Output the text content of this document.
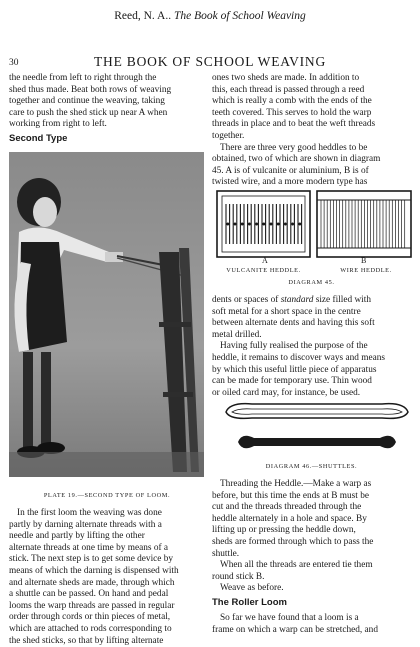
Reed, N. A.. The Book of School Weaving
30	THE BOOK OF SCHOOL WEAVING

the needle from left to right through the

shed thus made. Beat both rows of weaving

together and continue the weaving, taking

care to push the shed stick up near A when

working from right to left.

Second Type
PLATE 19.—SECOND TYPE OF LOOM.

In the first loom the weaving was done

partly by darning alternate threads with a

needle and partly by lifting the other

alternate threads at one time by means of a

stick. The next step is to get some device by

means of which the darning is dispensed with

and alternate sheds are made, through which

a shuttle can be passed. On hand and pedal

looms the warp threads are passed in regular

order through cords or thin pieces of metal,

which are attached to rods corresponding to

the shed sticks, so that by lifting alternate

ones two sheds are made. In addition to

this, each thread is passed through a reed

which is really a comb with the ends of the

teeth covered. This serves to hold the warp

threads in place and to beat the weft threads

together.

There are three very good heddles to be

obtained, two of which are shown in diagram

45. A is of vulcanite or aluminium, B is of

twisted wire, and a more modern type has

A	B
VULCANITE HEDDLE.	WIRE HEDDLE.
DIAGRAM 45.

dents or spaces of standard size filled with

soft metal for a short space in the centre

between alternate dents and having this soft

metal drilled.

Having fully realised the purpose of the

heddle, it remains to discover ways and means

by which this useful little piece of apparatus

can be made for temporary use. Thin wood

or oiled card may, for instance, be used.

DIAGRAM 46.—SHUTTLES.

Threading the Heddle.—Make a warp as

before, but this time the ends at B must be

cut and the threads threaded through the

heddle alternately in a hole and space. By

lifting up or pressing the heddle down,

sheds are formed through which to pass the

shuttle.

When all the threads are entered tie them

round stick B.

Weave as before.

The Roller Loom

So far we have found that a loom is a

frame on which a warp can be stretched, and
